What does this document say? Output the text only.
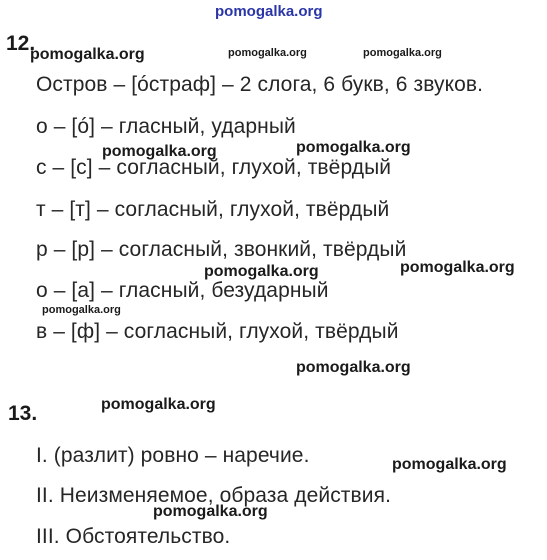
pomogalka.org
12.
pomogalka.org	pomogalka.org	pomogalka.org
Остров – [óстраф] – 2 слога, 6 букв, 6 звуков.
о – [ó] – гласный, ударный
pomogalka.org	pomogalka.org
с – [с] – согласный, глухой, твёрдый
т – [т] – согласный, глухой, твёрдый
р – [р] – согласный, звонкий, твёрдый
pomogalka.org	pomogalka.org
о – [а] – гласный, безударный
pomogalka.org
в – [ф] – согласный, глухой, твёрдый
pomogalka.org
13.	pomogalka.org
I. (разлит) ровно – наречие.	pomogalka.org
II. Неизменяемое, образа действия.
pomogalka.org
III. Обстоятельство.
